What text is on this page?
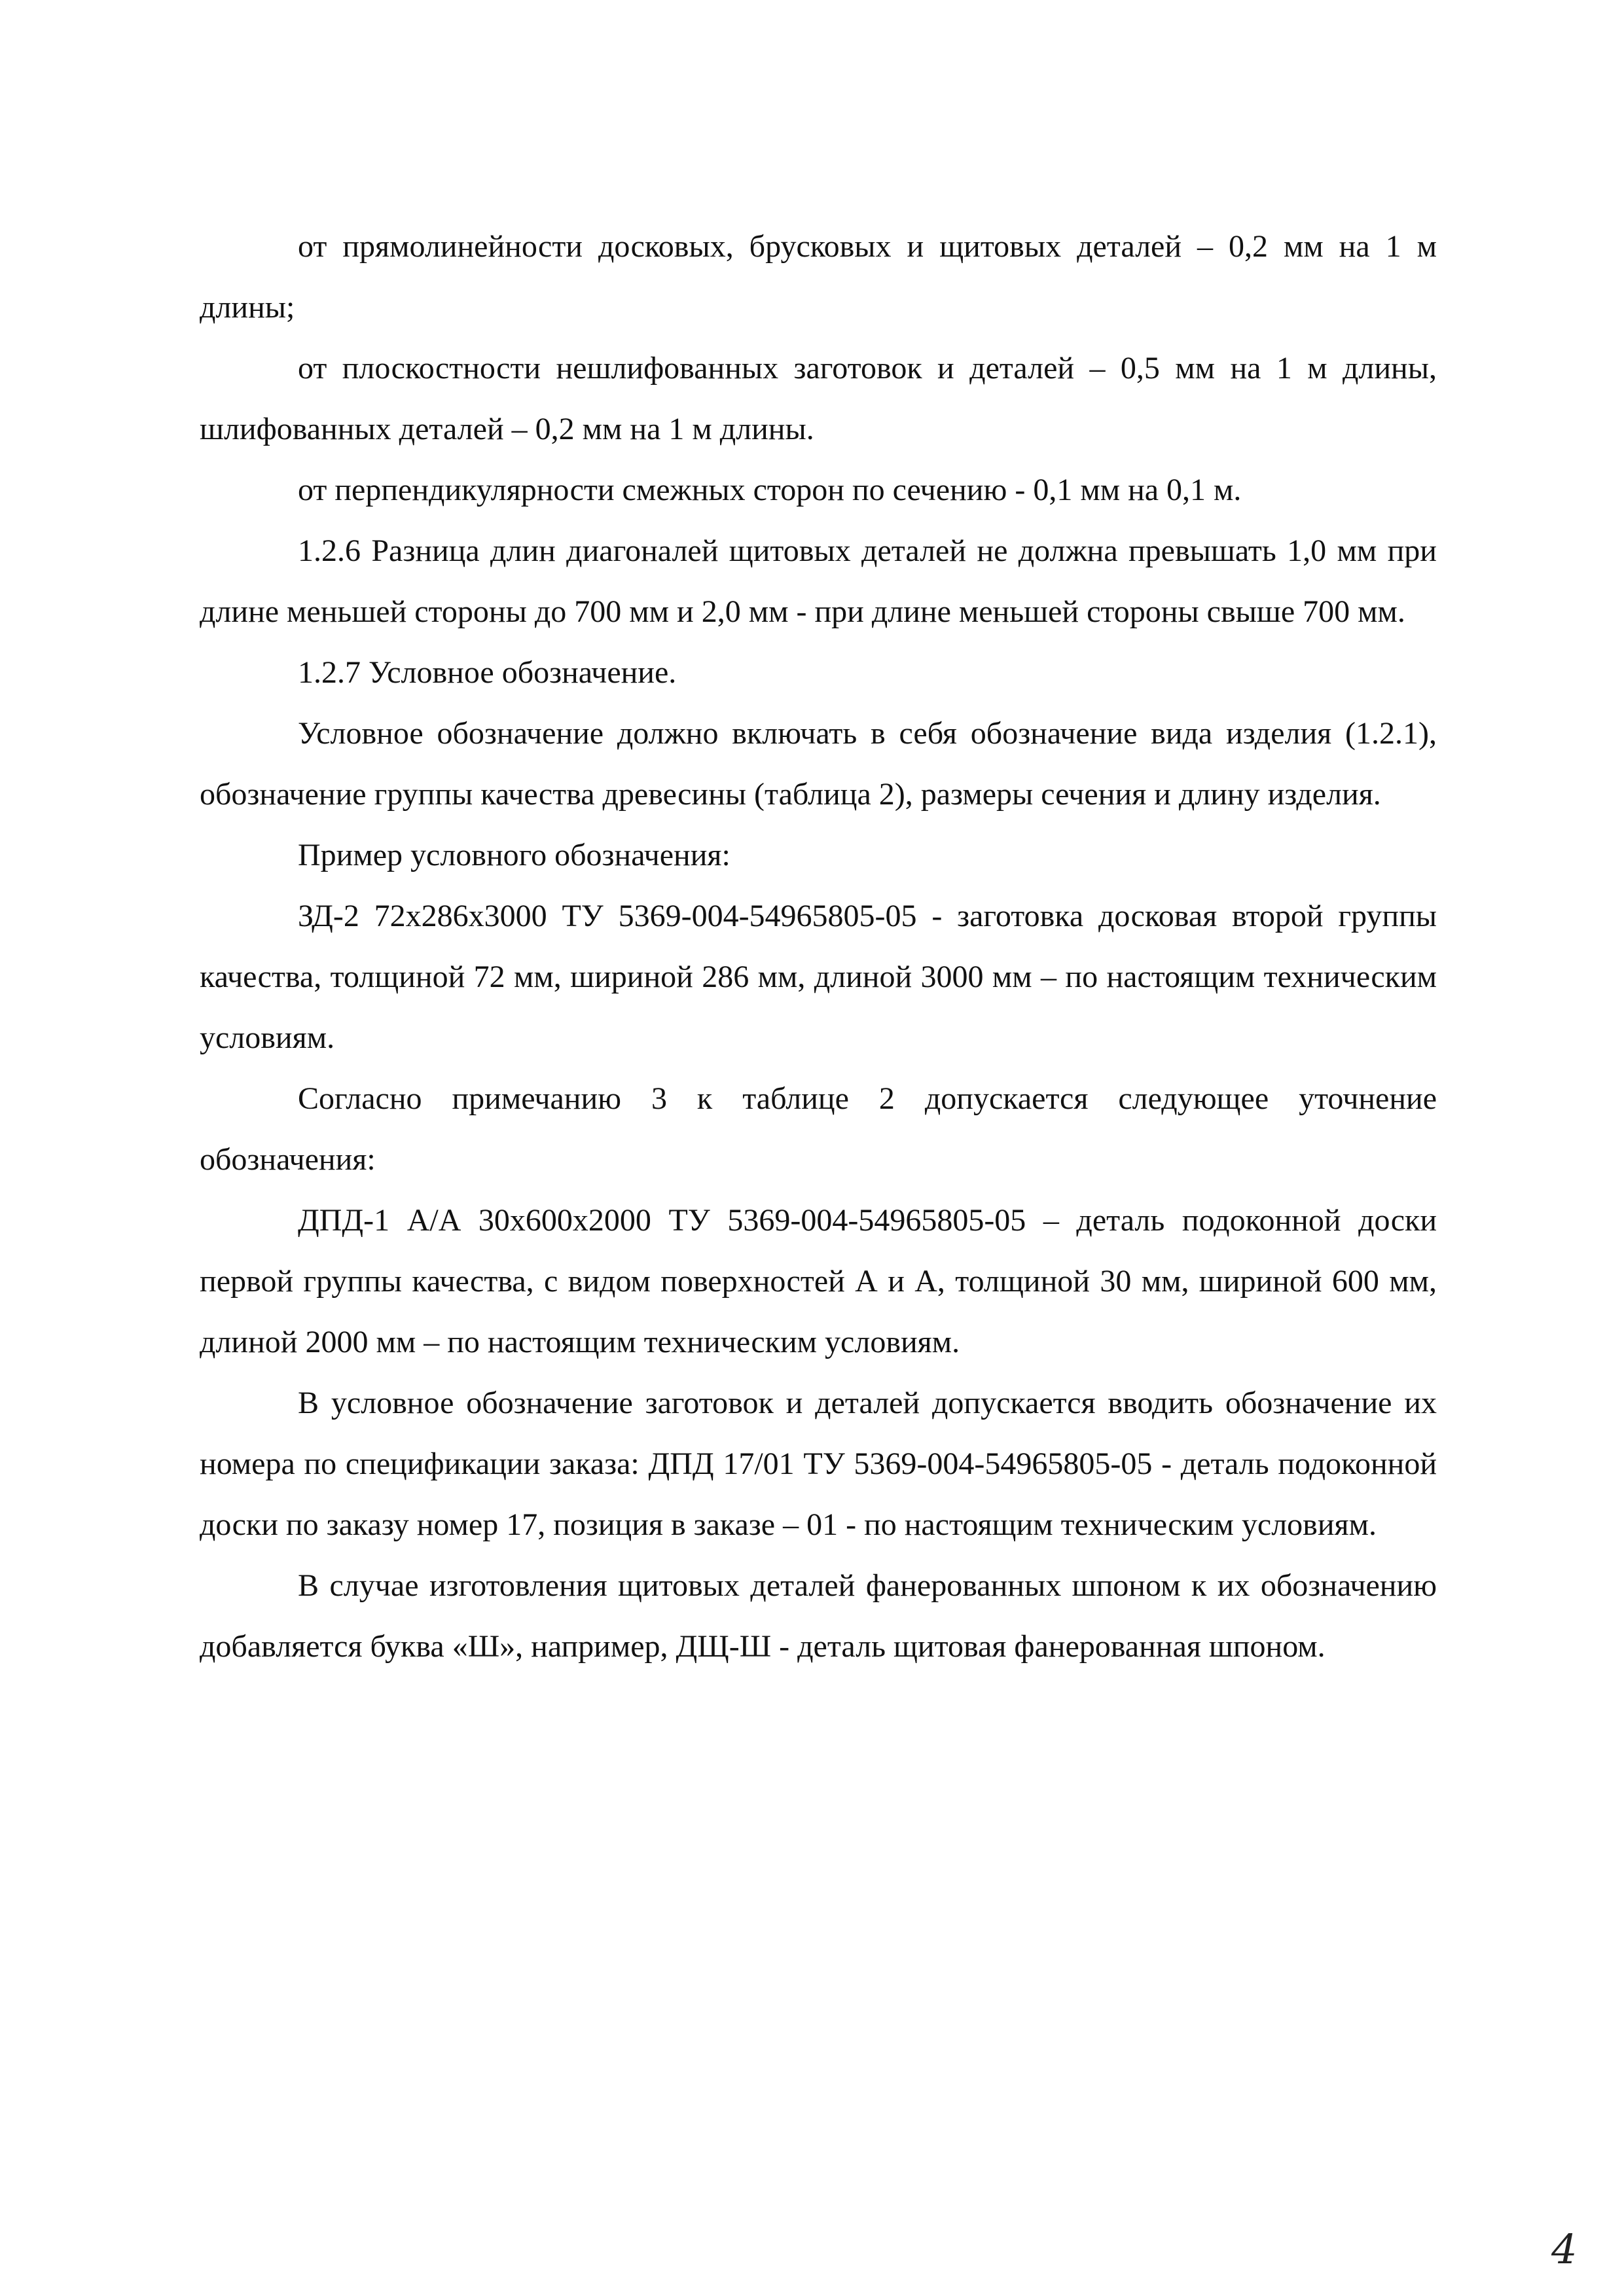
от прямолинейности досковых, брусковых и щитовых деталей – 0,2 мм на 1 м длины;

от плоскостности нешлифованных заготовок и деталей – 0,5 мм на 1 м длины, шлифованных деталей – 0,2 мм на 1 м длины.

от перпендикулярности смежных сторон по сечению - 0,1 мм на 0,1 м.

1.2.6 Разница длин диагоналей щитовых деталей не должна превышать 1,0 мм при длине меньшей стороны до 700 мм и 2,0 мм - при длине меньшей стороны свыше 700 мм.

1.2.7 Условное обозначение.

Условное обозначение должно включать в себя обозначение вида изделия (1.2.1), обозначение группы качества древесины (таблица 2), размеры сечения и длину изделия.

Пример условного обозначения:

ЗД-2 72х286х3000 ТУ 5369-004-54965805-05 - заготовка досковая второй группы качества, толщиной 72 мм, шириной 286 мм, длиной 3000 мм – по настоящим техническим условиям.

Согласно примечанию 3 к таблице 2 допускается следующее уточнение обозначения:

ДПД-1 А/А 30х600х2000 ТУ 5369-004-54965805-05 – деталь подоконной доски первой группы качества, с видом поверхностей А и А, толщиной 30 мм, шириной 600 мм, длиной 2000 мм – по настоящим техническим условиям.

В условное обозначение заготовок и деталей допускается вводить обозначение их номера по спецификации заказа: ДПД 17/01 ТУ 5369-004-54965805-05 - деталь подоконной доски по заказу номер 17, позиция в заказе – 01 - по настоящим техническим условиям.

В случае изготовления щитовых деталей фанерованных шпоном к их обозначению добавляется буква «Ш», например, ДЩ-Ш - деталь щитовая фанерованная шпоном.

4
